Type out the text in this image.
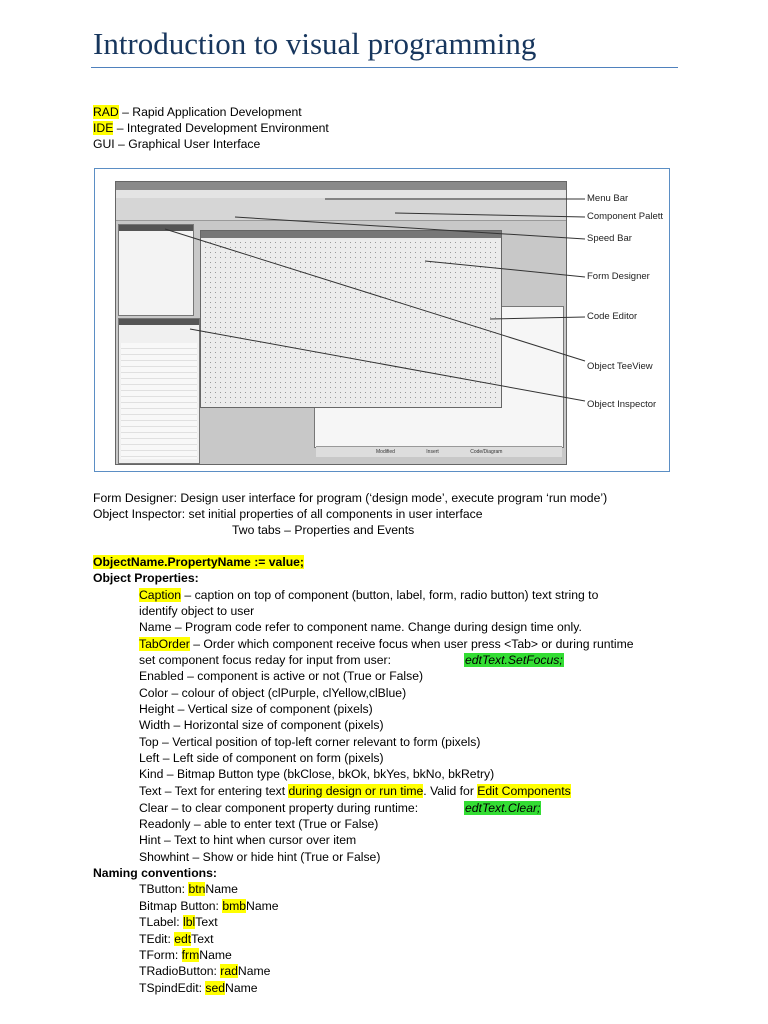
Introduction to visual programming
RAD – Rapid Application Development
IDE – Integrated Development Environment
GUI – Graphical User Interface
Modified	Insert	Code/Diagram
Menu Bar
Component Palett
Speed Bar
Form Designer
Code Editor
Object TeeView
Object Inspector
Form Designer: Design user interface for program (‘design mode’, execute program ‘run mode’)
Object Inspector: set initial properties of all components in user interface
Two tabs – Properties and Events
ObjectName.PropertyName := value;
Object Properties:
Caption – caption on top of component (button, label, form, radio button) text string to
identify object to user
Name – Program code refer to component name. Change during design time only.
TabOrder – Order which component receive focus when user press <Tab> or during runtime
set component focus reday for input from user:	edtText.SetFocus;
Enabled – component is active or not (True or False)
Color – colour of object (clPurple, clYellow,clBlue)
Height – Vertical size of component (pixels)
Width – Horizontal size of component (pixels)
Top – Vertical position of top-left corner relevant to form (pixels)
Left – Left side of component on form (pixels)
Kind – Bitmap Button type (bkClose, bkOk, bkYes, bkNo, bkRetry)
Text – Text for entering text during design or run time. Valid for Edit Components
Clear – to clear component property during runtime:	edtText.Clear;
Readonly – able to enter text (True or False)
Hint – Text to hint when cursor over item
Showhint – Show or hide hint (True or False)
Naming conventions:
TButton: btnName
Bitmap Button: bmbName
TLabel: lblText
TEdit: edtText
TForm: frmName
TRadioButton: radName
TSpindEdit: sedName
